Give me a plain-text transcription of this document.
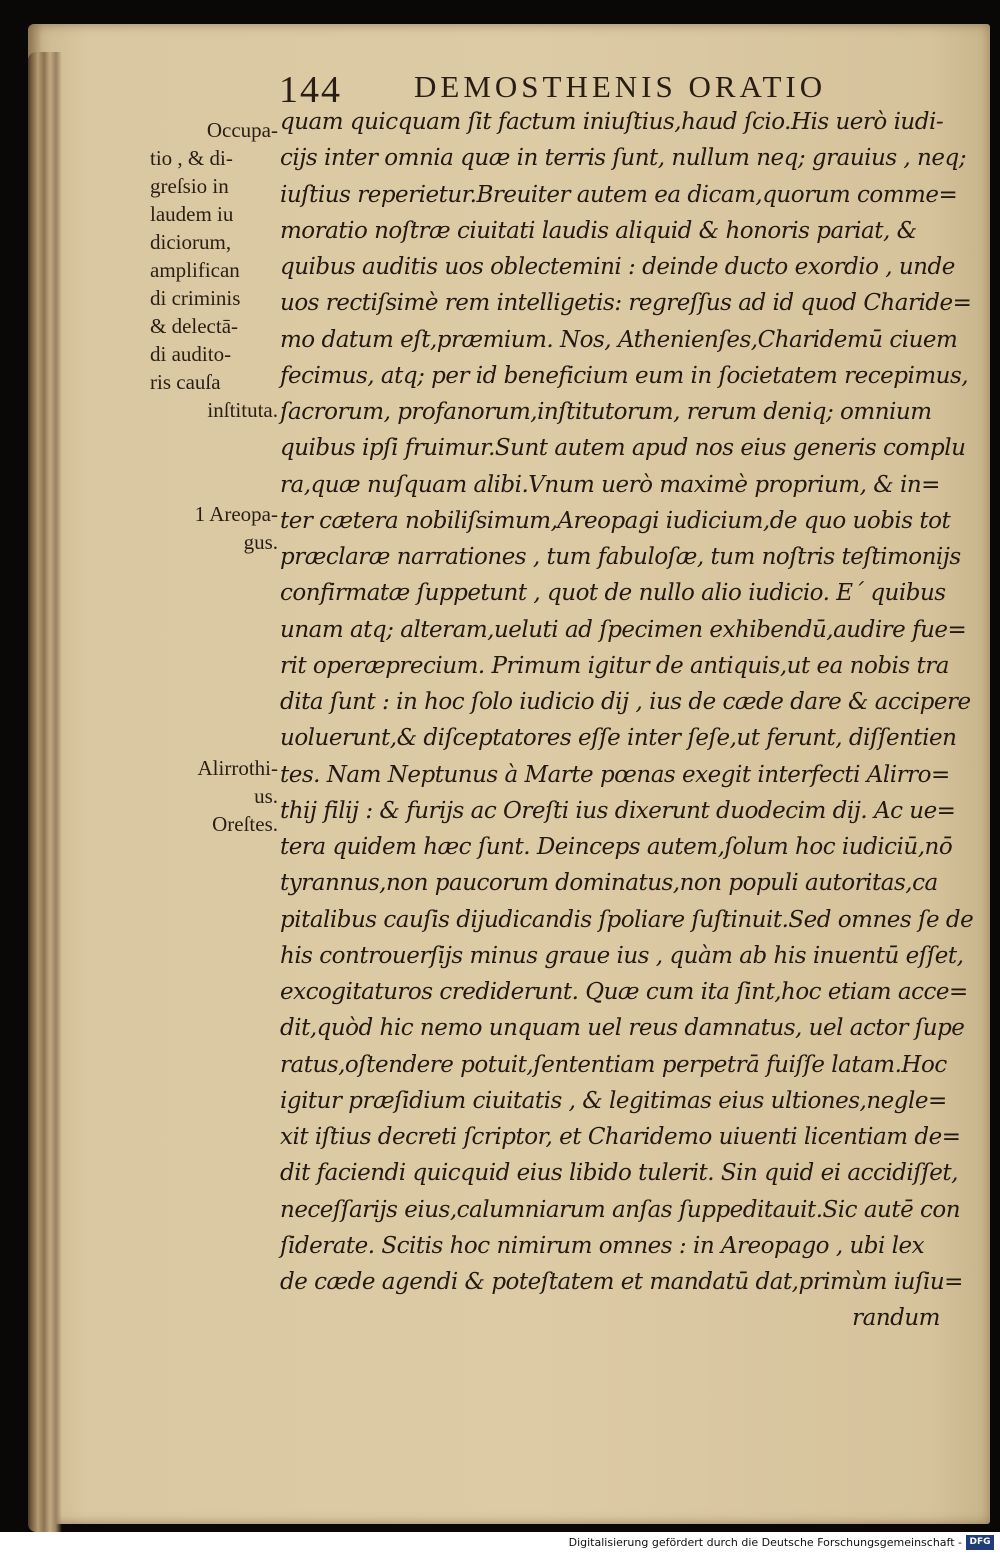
144 DEMOSTHENIS ORATIO
Occupa-
tio , & di-
greſsio in
laudem iu
diciorum,
amplifican
di criminis
& delectā-
di audito-
ris cauſa
inſtituta.
1 Areopa-
gus.
Alirrothi-
us.
Oreſtes.
quam quicquam ſit factum iniuſtius,haud ſcio.His uerò iudi-
cijs inter omnia quæ in terris ſunt, nullum neq; grauius , neq;
iuſtius reperietur.Breuiter autem ea dicam,quorum comme=
moratio noſtræ ciuitati laudis aliquid & honoris pariat, &
quibus auditis uos oblectemini : deinde ducto exordio , unde
uos rectiſsimè rem intelligetis: regreſſus ad id quod Charide=
mo datum eſt,præmium. Nos, Athenienſes,Charidemū ciuem
fecimus, atq; per id beneficium eum in ſocietatem recepimus,
ſacrorum, profanorum,inſtitutorum, rerum deniq; omnium
quibus ipſi fruimur.Sunt autem apud nos eius generis complu
ra,quæ nuſquam alibi.Vnum uerò maximè proprium, & in=
ter cætera nobiliſsimum,Areopagi iudicium,de quo uobis tot
præclaræ narrationes , tum fabuloſæ, tum noſtris teſtimonijs
confirmatæ ſuppetunt , quot de nullo alio iudicio. E´ quibus
unam atq; alteram,ueluti ad ſpecimen exhibendū,audire fue=
rit operæprecium. Primum igitur de antiquis,ut ea nobis tra
dita ſunt : in hoc ſolo iudicio dij , ius de cæde dare & accipere
uoluerunt,& diſceptatores eſſe inter ſeſe,ut ferunt, diſſentien
tes. Nam Neptunus à Marte pœnas exegit interfecti Alirro=
thij filij : & furijs ac Oreſti ius dixerunt duodecim dij. Ac ue=
tera quidem hæc ſunt. Deinceps autem,ſolum hoc iudiciū,nō
tyrannus,non paucorum dominatus,non populi autoritas,ca
pitalibus cauſis dijudicandis ſpoliare ſuſtinuit.Sed omnes ſe de
his controuerſijs minus graue ius , quàm ab his inuentū eſſet,
excogitaturos crediderunt. Quæ cum ita ſint,hoc etiam acce=
dit,quòd hic nemo unquam uel reus damnatus, uel actor ſupe
ratus,oſtendere potuit,ſententiam perpetrā fuiſſe latam.Hoc
igitur præſidium ciuitatis , & legitimas eius ultiones,negle=
xit iſtius decreti ſcriptor, et Charidemo uiuenti licentiam de=
dit faciendi quicquid eius libido tulerit. Sin quid ei accidiſſet,
neceſſarijs eius,calumniarum anſas ſuppeditauit.Sic autē con
ſiderate. Scitis hoc nimirum omnes : in Areopago , ubi lex
de cæde agendi & poteſtatem et mandatū dat,primùm iuſiu=
randum
Digitalisierung gefördert durch die Deutsche Forschungsgemeinschaft - DFG
